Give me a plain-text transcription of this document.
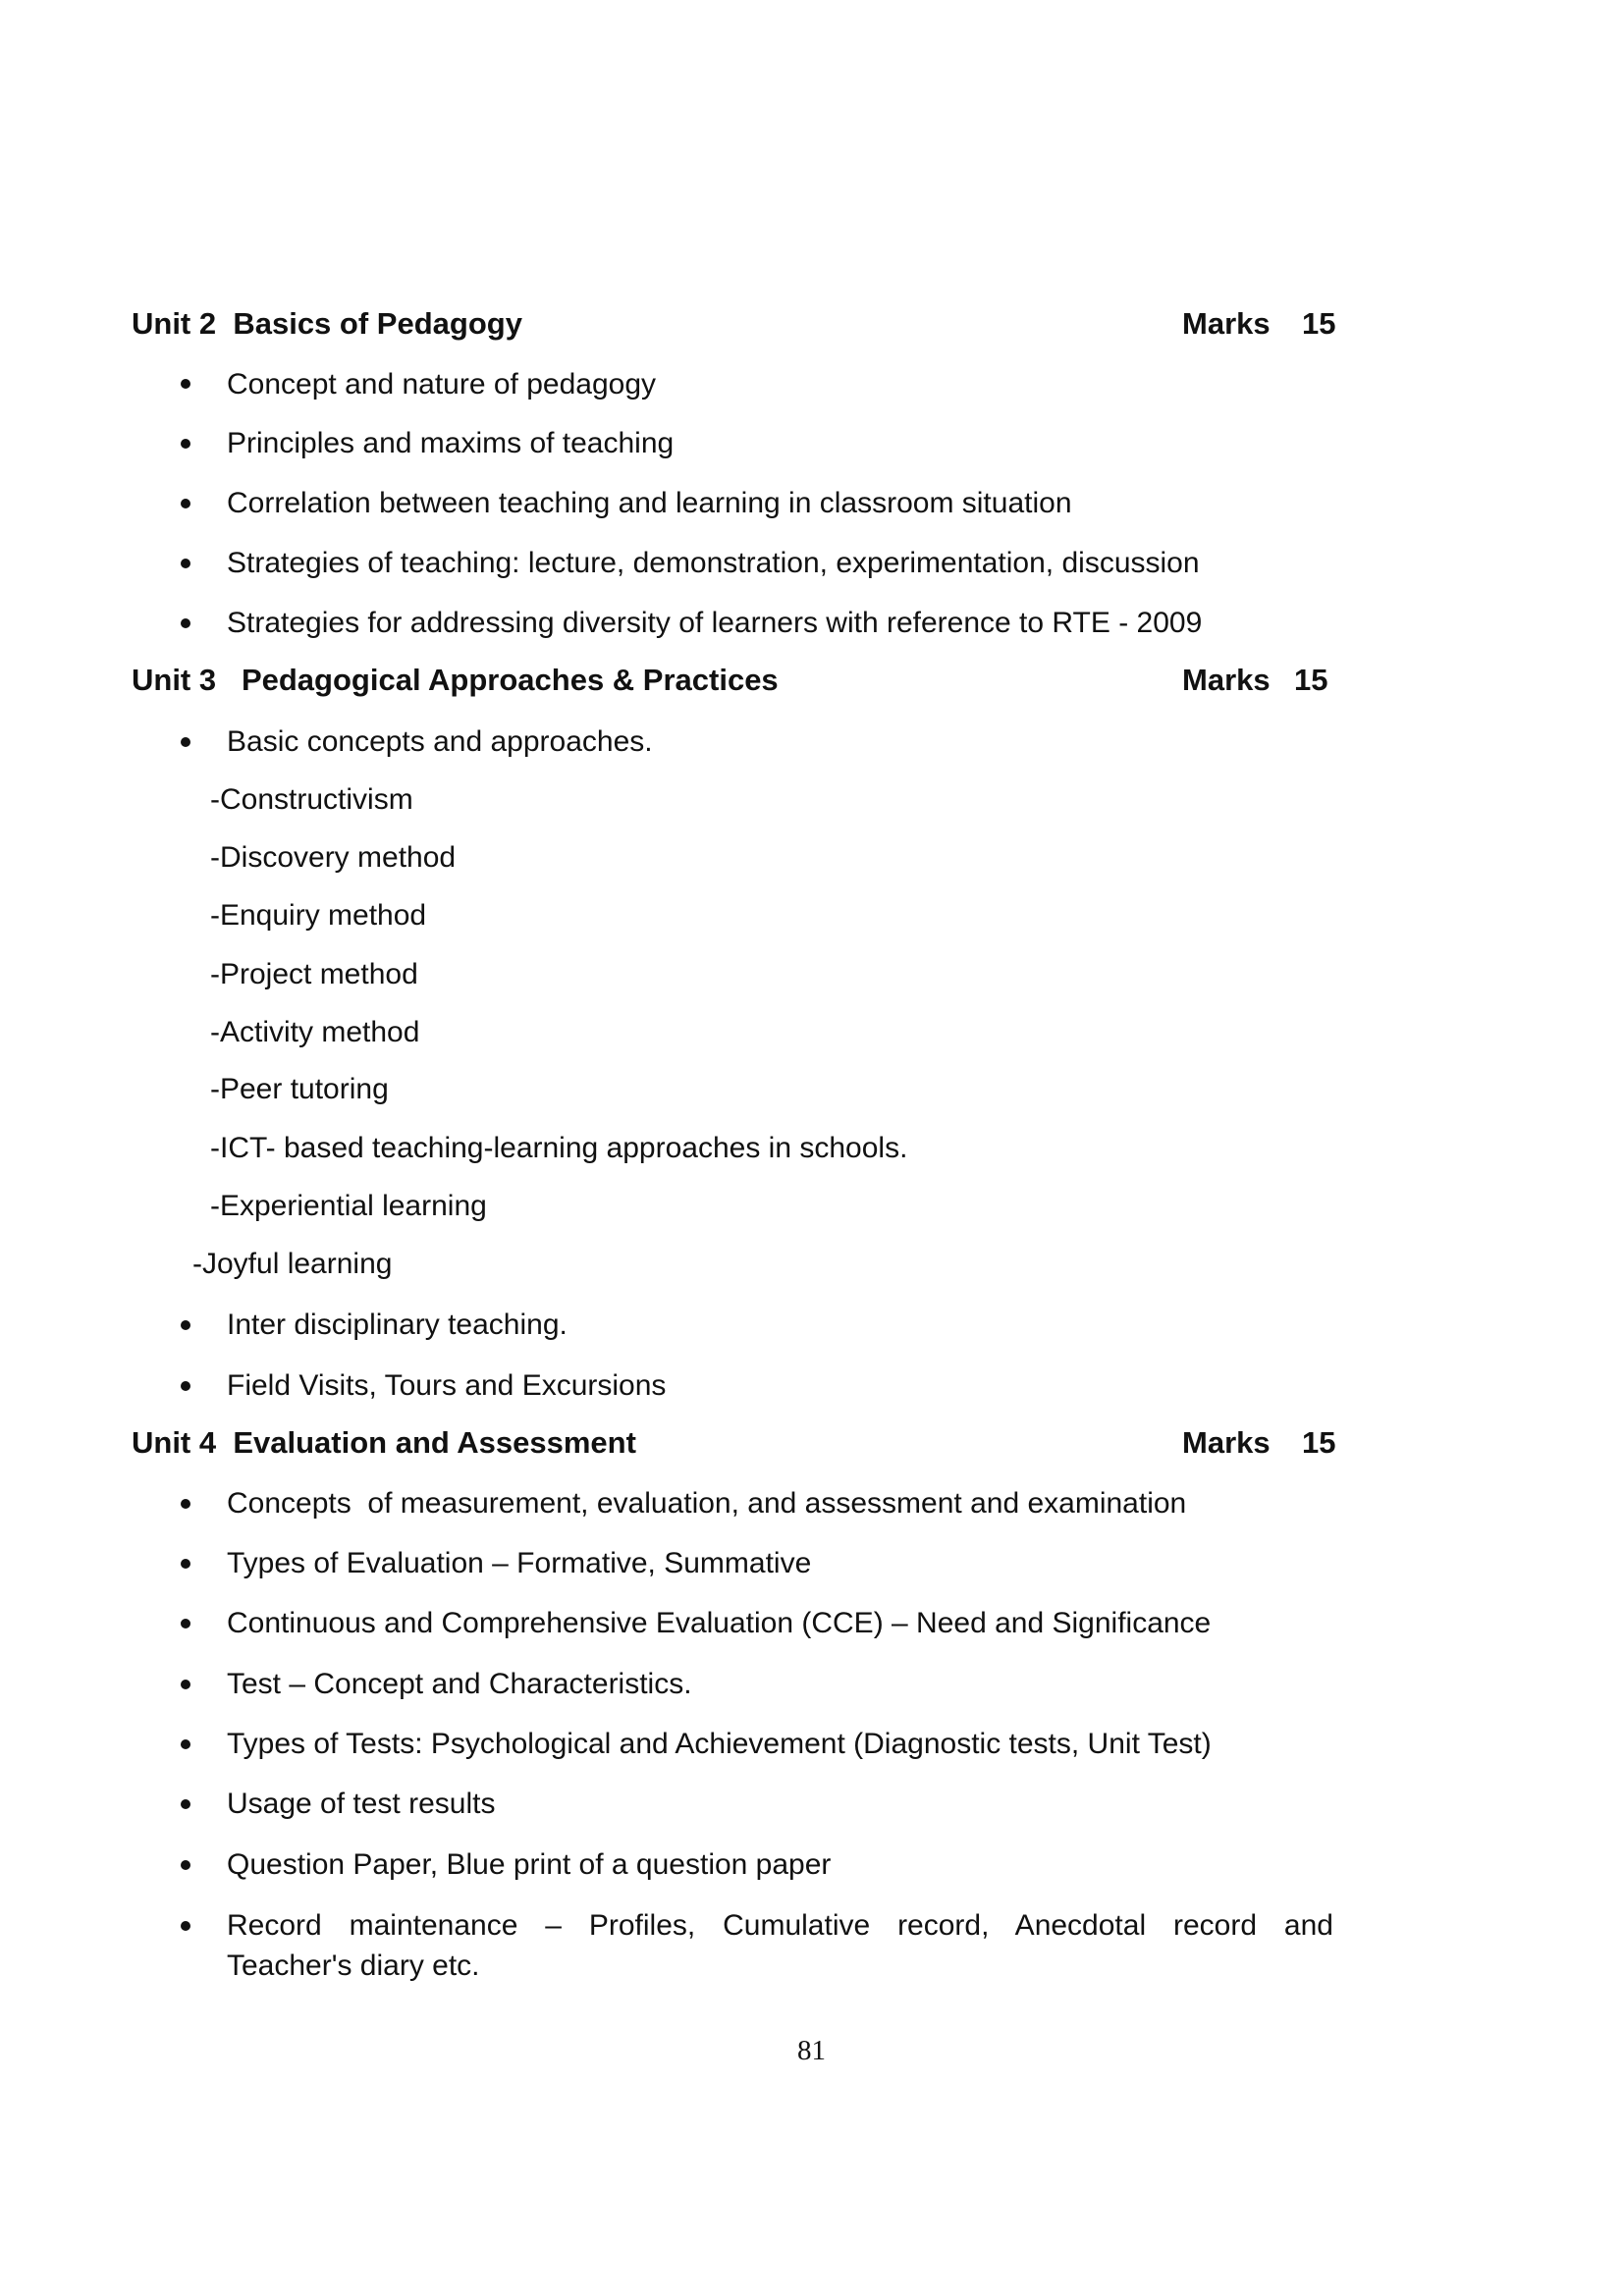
Unit 2  Basics of Pedagogy	Marks 15
Concept and nature of pedagogy
Principles and maxims of teaching
Correlation between teaching and learning in classroom situation
Strategies of teaching: lecture, demonstration, experimentation, discussion
Strategies for addressing diversity of learners with reference to RTE - 2009
Unit 3   Pedagogical Approaches & Practices	Marks 15
Basic concepts and approaches.
-Constructivism
-Discovery method
-Enquiry method
-Project method
-Activity method
-Peer tutoring
-ICT- based teaching-learning approaches in schools.
-Experiential learning
-Joyful learning
Inter disciplinary teaching.
Field Visits, Tours and Excursions
Unit 4  Evaluation and Assessment	Marks 15
Concepts  of measurement, evaluation, and assessment and examination
Types of Evaluation – Formative, Summative
Continuous and Comprehensive Evaluation (CCE) – Need and Significance
Test – Concept and Characteristics.
Types of Tests: Psychological and Achievement (Diagnostic tests, Unit Test)
Usage of test results
Question Paper, Blue print of a question paper
Record maintenance – Profiles, Cumulative record, Anecdotal record and
Teacher's diary etc.
81
